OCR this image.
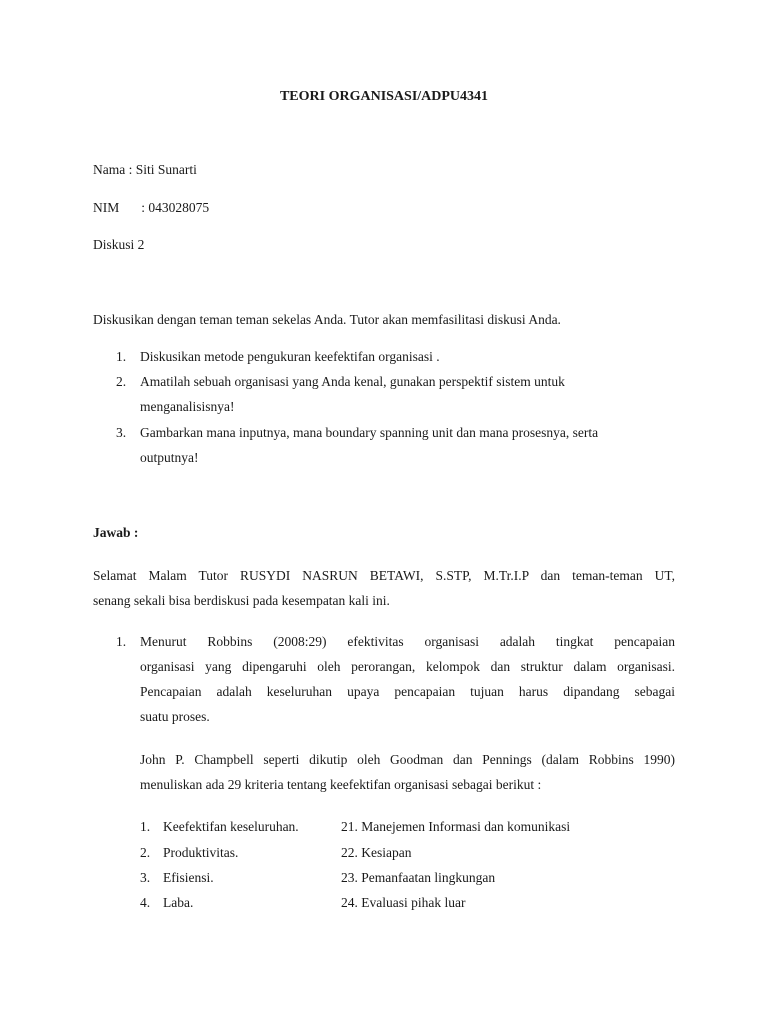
TEORI ORGANISASI/ADPU4341
Nama : Siti Sunarti
NIM : 043028075
Diskusi 2
Diskusikan dengan teman teman sekelas Anda. Tutor akan memfasilitasi diskusi Anda.
1. Diskusikan metode pengukuran keefektifan organisasi .
2. Amatilah sebuah organisasi yang Anda kenal, gunakan perspektif sistem untuk
menganalisisnya!
3. Gambarkan mana inputnya, mana boundary spanning unit dan mana prosesnya, serta
outputnya!
Jawab :
Selamat Malam Tutor RUSYDI NASRUN BETAWI, S.STP, M.Tr.I.P dan teman-teman UT,
senang sekali bisa berdiskusi pada kesempatan kali ini.
1. Menurut Robbins (2008:29) efektivitas organisasi adalah tingkat pencapaian
organisasi yang dipengaruhi oleh perorangan, kelompok dan struktur dalam organisasi.
Pencapaian adalah keseluruhan upaya pencapaian tujuan harus dipandang sebagai
suatu proses.
John P. Champbell seperti dikutip oleh Goodman dan Pennings (dalam Robbins 1990)
menuliskan ada 29 kriteria tentang keefektifan organisasi sebagai berikut :
1. Keefektifan keseluruhan.	21. Manejemen Informasi dan komunikasi
2. Produktivitas.	22. Kesiapan
3. Efisiensi.	23. Pemanfaatan lingkungan
4. Laba.	24. Evaluasi pihak luar
